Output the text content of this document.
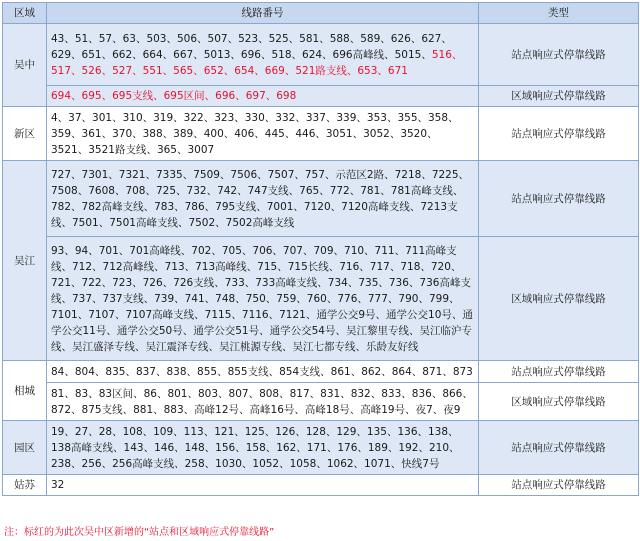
区域	线路番号	类型
吴中	43、51、57、63、503、506、507、523、525、581、588、589、626、627、629、651、662、664、667、5013、696、518、624、696高峰线、5015、516、517、526、527、551、565、652、654、669、521路支线、653、671	站点响应式停靠线路
	694、695、695支线、695区间、696、697、698	区域响应式停靠线路
新区	4、37、301、310、319、322、323、330、332、337、339、353、355、358、359、361、370、388、389、400、406、445、446、3051、3052、3520、3521、3521路支线、365、3007	站点响应式停靠线路
吴江	727、7301、7321、7335、7509、7506、7507、757、示范区2路、7218、7225、7508、7608、708、725、732、742、747支线、765、772、781、781高峰支线、782、782高峰支线、783、786、795支线、7001、7120、7120高峰支线、7213支线、7501、7501高峰支线、7502、7502高峰支线	站点响应式停靠线路
	93、94、701、701高峰线、702、705、706、707、709、710、711、711高峰支线、712、712高峰线、713、713高峰线、715、715长线、716、717、718、720、721、722、723、726、726支线、733、733高峰支线、734、735、736、736高峰支线、737、737支线、739、741、748、750、759、760、776、777、790、799、7101、7107、7107高峰支线、7115、7116、7121、通学公交9号、通学公交10号、通学公交11号、通学公交50号、通学公交51号、通学公交54号、吴江黎里专线、吴江临沪专线、吴江盛泽专线、吴江震泽专线、吴江桃源专线、吴江七都专线、乐龄友好线	区域响应式停靠线路
相城	84、804、835、837、838、855、855支线、854支线、861、862、864、871、873	站点响应式停靠线路
	81、83、83区间、86、801、803、807、808、817、831、832、833、836、866、872、875支线、881、883、高峰12号、高峰16号、高峰18号、高峰19号、夜7、夜9	区域响应式停靠线路
园区	19、27、28、108、109、113、121、125、126、128、129、135、136、138、138高峰支线、143、146、148、156、158、162、171、176、189、192、210、238、256、256高峰支线、258、1030、1052、1058、1062、1071、快线7号	站点响应式停靠线路
姑苏	32	站点响应式停靠线路
注：标红的为此次吴中区新增的“站点和区域响应式停靠线路”
